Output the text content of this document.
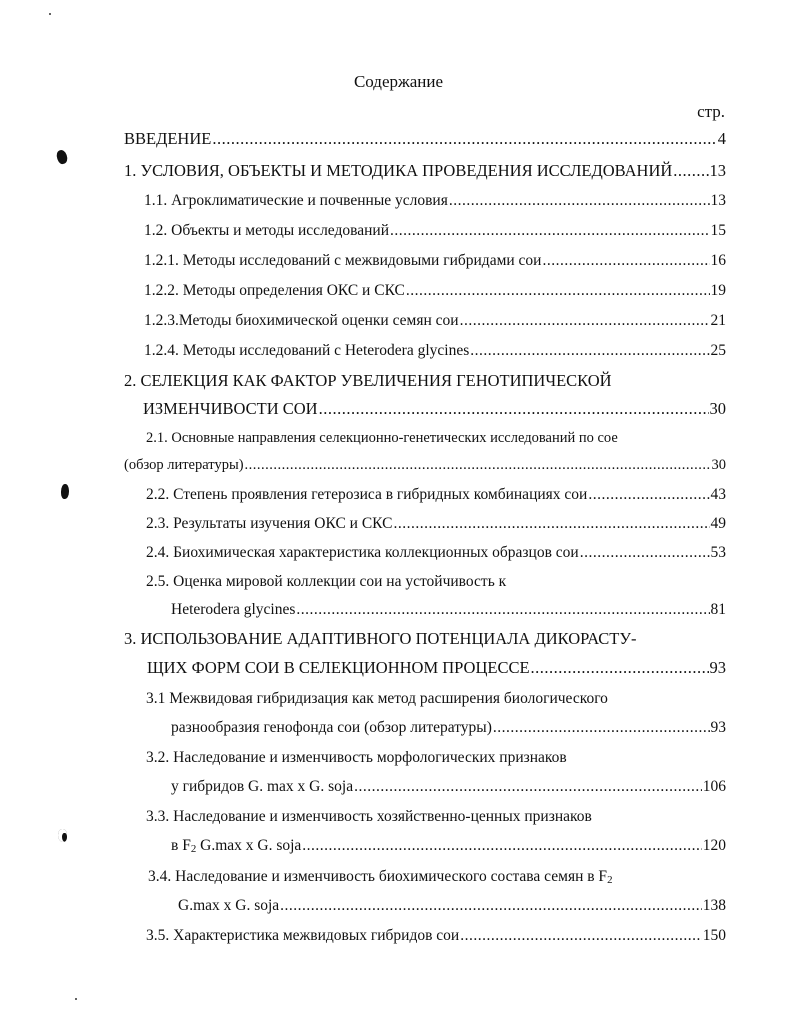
Содержание
стр.
ВВЕДЕНИЕ .....	4
1. УСЛОВИЯ, ОБЪЕКТЫ И МЕТОДИКА ПРОВЕДЕНИЯ ИССЛЕДОВАНИЙ ..... 13
1.1. Агроклиматические и почвенные условия .....	13
1.2. Объекты и методы исследований .....	15
1.2.1. Методы исследований с межвидовыми гибридами сои .....	16
1.2.2. Методы определения ОКС и СКС .....	19
1.2.3.Методы биохимической оценки семян сои .....	21
1.2.4. Методы исследований с Heterodera glycines .....	25
2. СЕЛЕКЦИЯ КАК ФАКТОР УВЕЛИЧЕНИЯ ГЕНОТИПИЧЕСКОЙ
ИЗМЕНЧИВОСТИ СОИ .....	30
2.1. Основные направления селекционно-генетических исследований по сое
(обзор литературы) .....	30
2.2. Степень проявления гетерозиса в гибридных комбинациях сои .....	43
2.3. Результаты изучения ОКС и СКС .....	49
2.4. Биохимическая характеристика коллекционных образцов сои .....	53
2.5. Оценка мировой коллекции сои на устойчивость к
Heterodera glycines .....	81
3. ИСПОЛЬЗОВАНИЕ АДАПТИВНОГО ПОТЕНЦИАЛА ДИКОРАСТУ-
ЩИХ ФОРМ СОИ В СЕЛЕКЦИОННОМ ПРОЦЕССЕ .....	93
3.1 Межвидовая гибридизация как метод расширения биологического
разнообразия генофонда сои (обзор литературы) .....	93
3.2. Наследование и изменчивость морфологических признаков
у гибридов G. max x G. soja .....	106
3.3. Наследование и изменчивость хозяйственно-ценных признаков
в $F_2$ G.max x G. soja .....	120
3.4. Наследование и изменчивость биохимического состава семян в $F_2$
G.max x G. soja .....	138
3.5. Характеристика межвидовых гибридов сои .....	150
